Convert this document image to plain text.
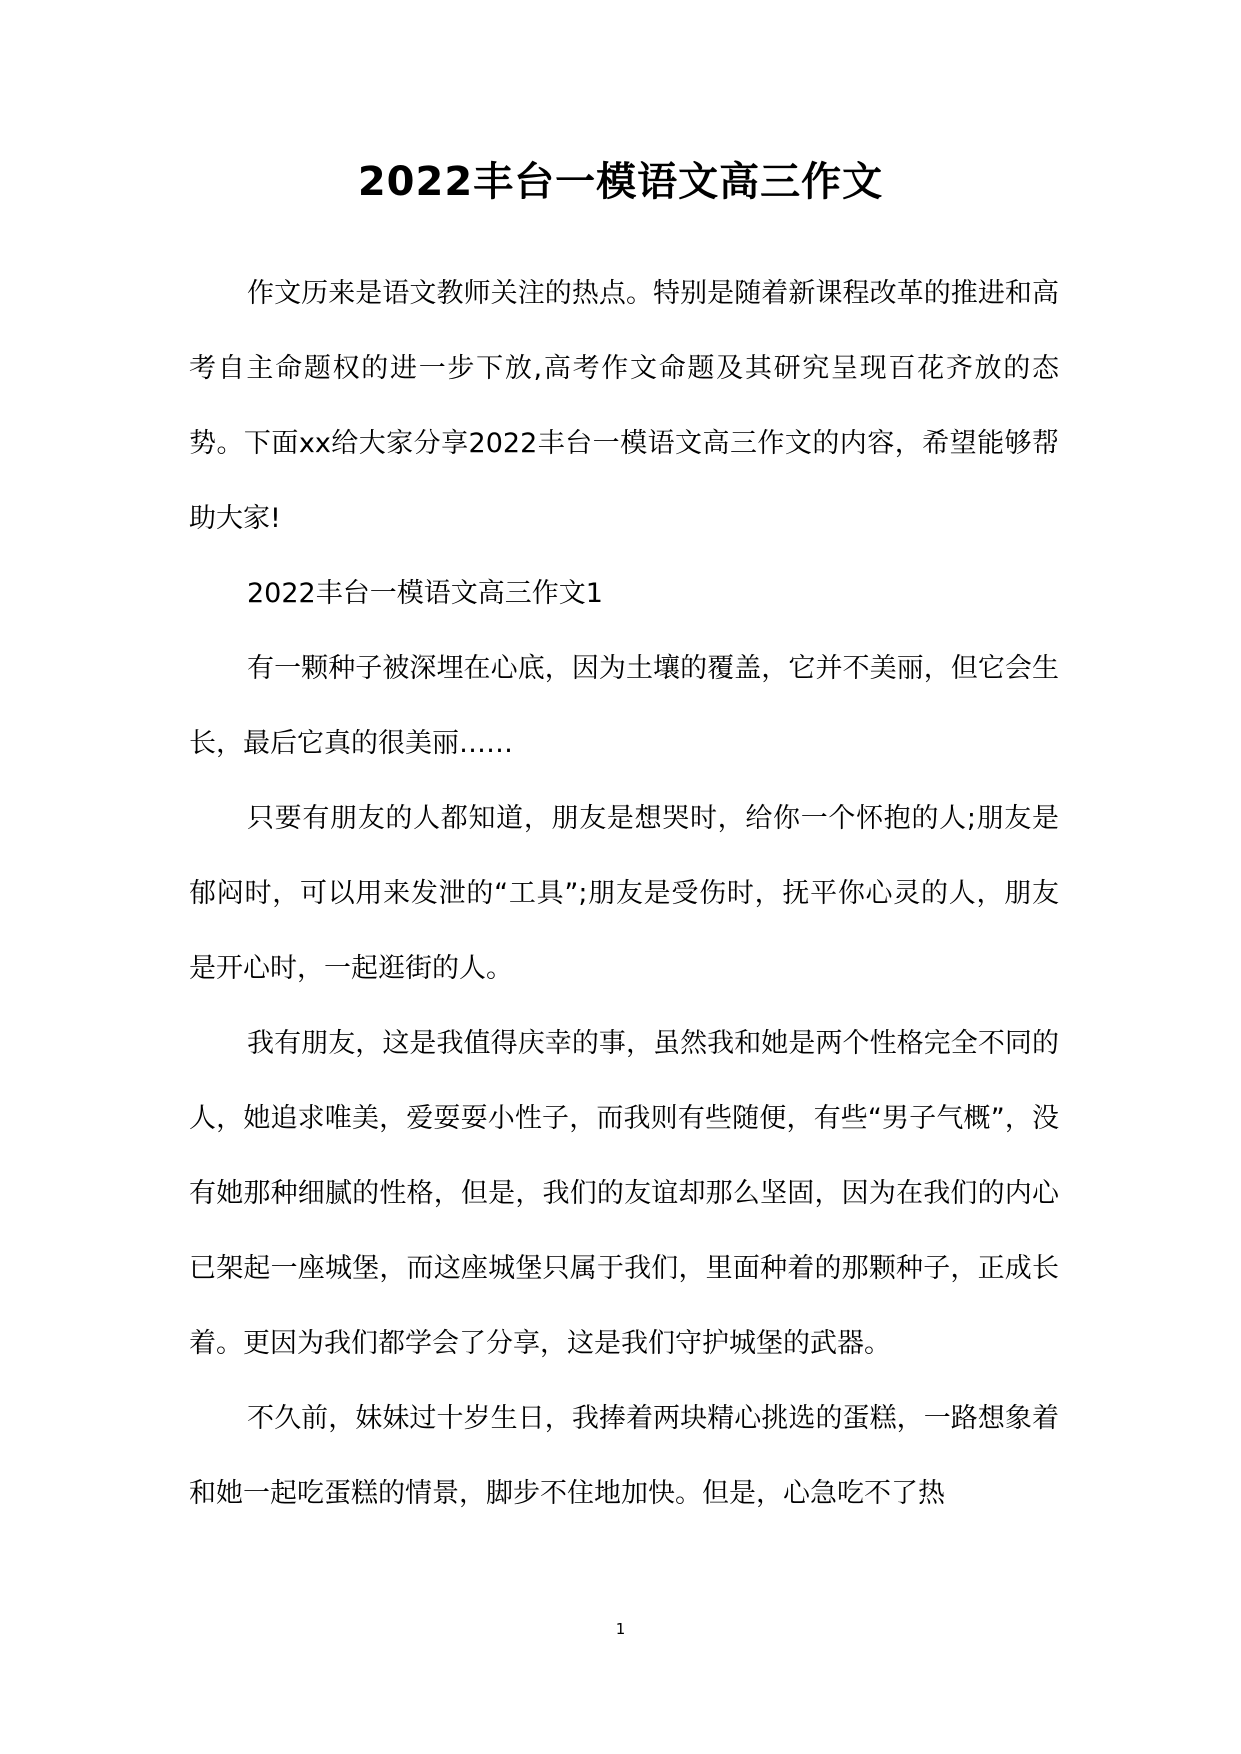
2022丰台一模语文高三作文

作文历来是语文教师关注的热点。特别是随着新课程改革的推进和高考自主命题权的进一步下放,高考作文命题及其研究呈现百花齐放的态势。下面xx给大家分享2022丰台一模语文高三作文的内容，希望能够帮助大家!

2022丰台一模语文高三作文1

有一颗种子被深埋在心底，因为土壤的覆盖，它并不美丽，但它会生长，最后它真的很美丽……

只要有朋友的人都知道，朋友是想哭时，给你一个怀抱的人;朋友是郁闷时，可以用来发泄的“工具”;朋友是受伤时，抚平你心灵的人，朋友是开心时，一起逛街的人。

我有朋友，这是我值得庆幸的事，虽然我和她是两个性格完全不同的人，她追求唯美，爱耍耍小性子，而我则有些随便，有些“男子气概”，没有她那种细腻的性格，但是，我们的友谊却那么坚固，因为在我们的内心已架起一座城堡，而这座城堡只属于我们，里面种着的那颗种子，正成长着。更因为我们都学会了分享，这是我们守护城堡的武器。

不久前，妹妹过十岁生日，我捧着两块精心挑选的蛋糕，一路想象着和她一起吃蛋糕的情景，脚步不住地加快。但是，心急吃不了热

1
